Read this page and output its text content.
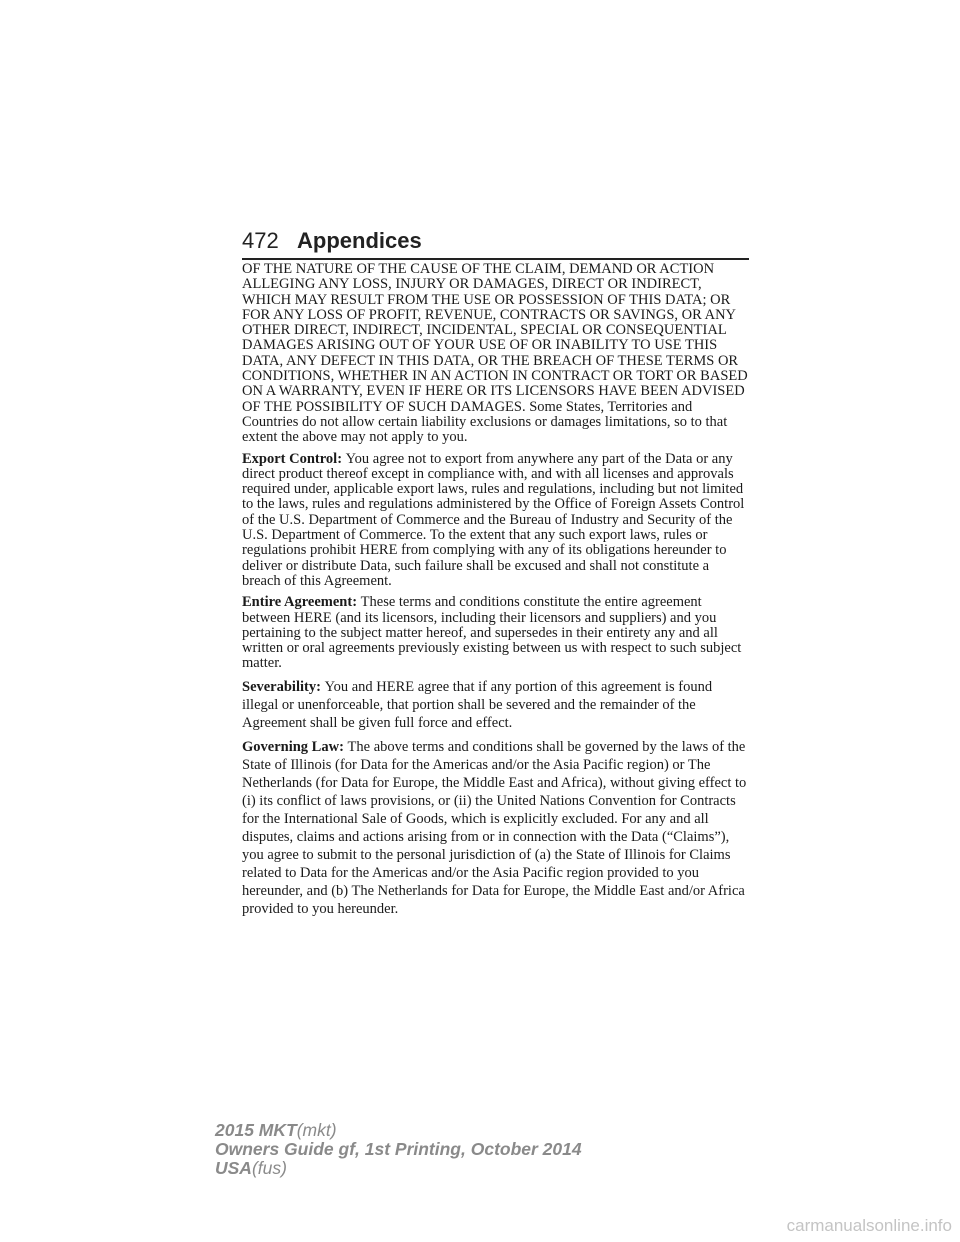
472 Appendices

OF THE NATURE OF THE CAUSE OF THE CLAIM, DEMAND OR ACTION ALLEGING ANY LOSS, INJURY OR DAMAGES, DIRECT OR INDIRECT, WHICH MAY RESULT FROM THE USE OR POSSESSION OF THIS DATA; OR FOR ANY LOSS OF PROFIT, REVENUE, CONTRACTS OR SAVINGS, OR ANY OTHER DIRECT, INDIRECT, INCIDENTAL, SPECIAL OR CONSEQUENTIAL DAMAGES ARISING OUT OF YOUR USE OF OR INABILITY TO USE THIS DATA, ANY DEFECT IN THIS DATA, OR THE BREACH OF THESE TERMS OR CONDITIONS, WHETHER IN AN ACTION IN CONTRACT OR TORT OR BASED ON A WARRANTY, EVEN IF HERE OR ITS LICENSORS HAVE BEEN ADVISED OF THE POSSIBILITY OF SUCH DAMAGES. Some States, Territories and Countries do not allow certain liability exclusions or damages limitations, so to that extent the above may not apply to you.

Export Control: You agree not to export from anywhere any part of the Data or any direct product thereof except in compliance with, and with all licenses and approvals required under, applicable export laws, rules and regulations, including but not limited to the laws, rules and regulations administered by the Office of Foreign Assets Control of the U.S. Department of Commerce and the Bureau of Industry and Security of the U.S. Department of Commerce. To the extent that any such export laws, rules or regulations prohibit HERE from complying with any of its obligations hereunder to deliver or distribute Data, such failure shall be excused and shall not constitute a breach of this Agreement.

Entire Agreement: These terms and conditions constitute the entire agreement between HERE (and its licensors, including their licensors and suppliers) and you pertaining to the subject matter hereof, and supersedes in their entirety any and all written or oral agreements previously existing between us with respect to such subject matter.

Severability: You and HERE agree that if any portion of this agreement is found illegal or unenforceable, that portion shall be severed and the remainder of the Agreement shall be given full force and effect.

Governing Law: The above terms and conditions shall be governed by the laws of the State of Illinois (for Data for the Americas and/or the Asia Pacific region) or The Netherlands (for Data for Europe, the Middle East and Africa), without giving effect to (i) its conflict of laws provisions, or (ii) the United Nations Convention for Contracts for the International Sale of Goods, which is explicitly excluded. For any and all disputes, claims and actions arising from or in connection with the Data (“Claims”), you agree to submit to the personal jurisdiction of (a) the State of Illinois for Claims related to Data for the Americas and/or the Asia Pacific region provided to you hereunder, and (b) The Netherlands for Data for Europe, the Middle East and/or Africa provided to you hereunder.

2015 MKT(mkt)
Owners Guide gf, 1st Printing, October 2014
USA(fus)
carmanualsonline.info
